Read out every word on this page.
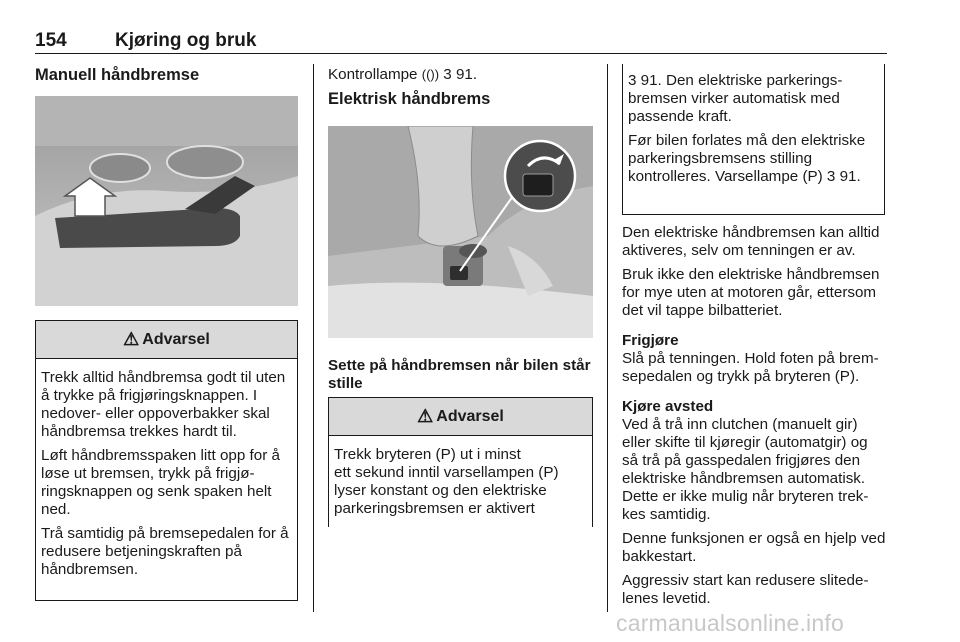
154	Kjøring og bruk
Manuell håndbremse
⚠ Advarsel

Trekk alltid håndbremsa godt til uten å trykke på frigjøringsknappen. I nedover- eller oppoverbakker skal håndbremsa trekkes hardt til.

Løft håndbremsspaken litt opp for å løse ut bremsen, trykk på frigjøringsknappen og senk spaken helt ned.

Trå samtidig på bremsepedalen for å redusere betjeningskraften på håndbremsen.

Kontrollampe (()) 3 91.

Elektrisk håndbrems
Sette på håndbremsen når bilen står stille
⚠ Advarsel
Trekk bryteren (P) ut i minst
ett sekund inntil varsellampen (P)
lyser konstant og den elektriske
parkeringsbremsen er aktivert

3 91. Den elektriske parkeringsbremsen virker automatisk med passende kraft.

Før bilen forlates må den elektriske parkeringsbremsens stilling kontrolleres. Varsellampe (P) 3 91.

Den elektriske håndbremsen kan alltid aktiveres, selv om tenningen er av.

Bruk ikke den elektriske håndbremsen for mye uten at motoren går, ettersom det vil tappe bilbatteriet.

Frigjøre

Slå på tenningen. Hold foten på bremsepedalen og trykk på bryteren (P).

Kjøre avsted

Ved å trå inn clutchen (manuelt gir) eller skifte til kjøregir (automatgir) og så trå på gasspedalen frigjøres den elektriske håndbremsen automatisk. Dette er ikke mulig når bryteren trekkes samtidig.

Denne funksjonen er også en hjelp ved bakkestart.

Aggressiv start kan redusere slitedelenes levetid.

carmanualsonline.info
